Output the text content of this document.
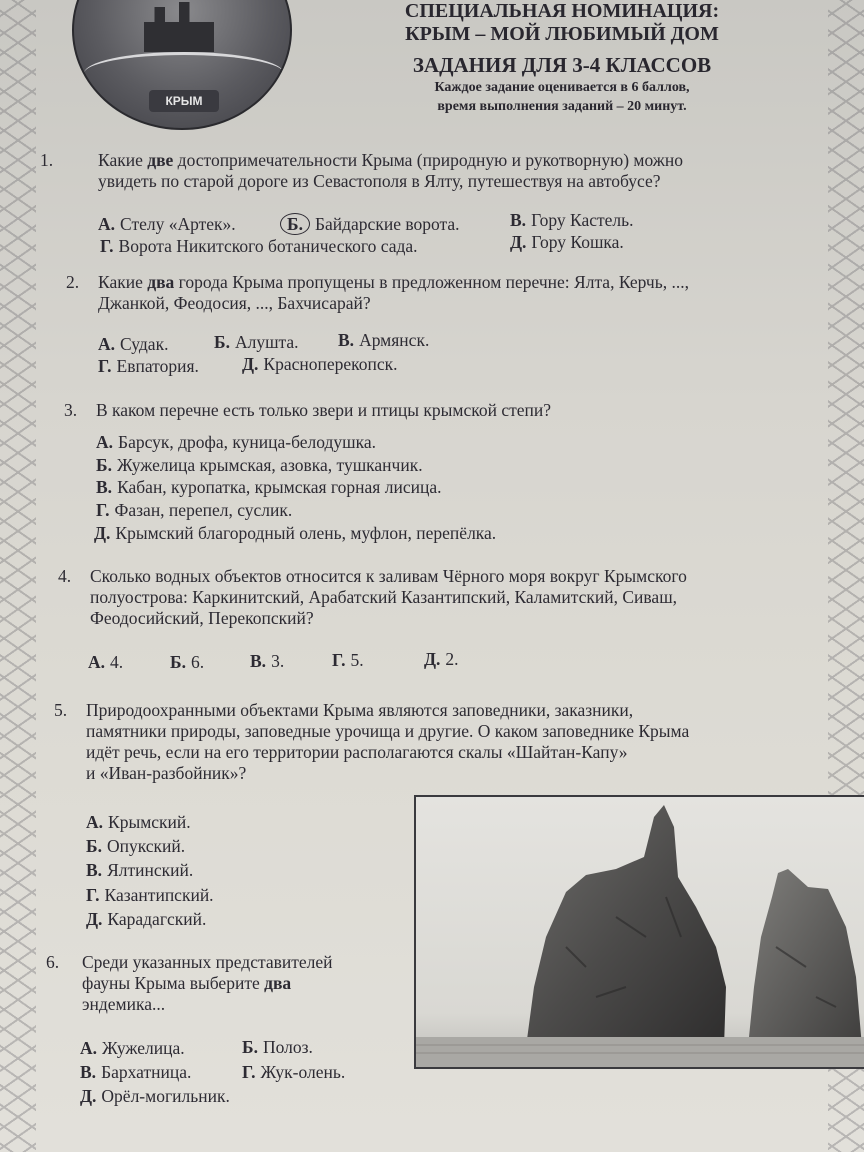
КРЫМ
СПЕЦИАЛЬНАЯ НОМИНАЦИЯ:
КРЫМ – МОЙ ЛЮБИМЫЙ ДОМ
ЗАДАНИЯ ДЛЯ 3-4 КЛАССОВ
Каждое задание оценивается в 6 баллов,
время выполнения заданий – 20 минут.
1.	Какие две достопримечательности Крыма (природную и рукотворную) можно
увидеть по старой дороге из Севастополя в Ялту, путешествуя на автобусе?
А. Стелу «Артек».	Б. Байдарские ворота.	В. Гору Кастель.
Г. Ворота Никитского ботанического сада.	Д. Гору Кошка.
2. Какие два города Крыма пропущены в предложенном перечне: Ялта, Керчь, ...,
Джанкой, Феодосия, ..., Бахчисарай?
А. Судак.	Б. Алушта. В. Армянск.
Г. Евпатория. Д. Красноперекопск.
3. В каком перечне есть только звери и птицы крымской степи?
А. Барсук, дрофа, куница-белодушка.
Б. Жужелица крымская, азовка, тушканчик.
В. Кабан, куропатка, крымская горная лисица.
Г. Фазан, перепел, суслик.
Д. Крымский благородный олень, муфлон, перепёлка.
4. Сколько водных объектов относится к заливам Чёрного моря вокруг Крымского
полуострова: Каркинитский, Арабатский Казантипский, Каламитский, Сиваш,
Феодосийский, Перекопский?
А. 4.	Б. 6.	В. 3.	Г. 5.	Д. 2.
5. Природоохранными объектами Крыма являются заповедники, заказники,
памятники природы, заповедные урочища и другие. О каком заповеднике Крыма
идёт речь, если на его территории располагаются скалы «Шайтан-Капу»
и «Иван-разбойник»?
А. Крымский.
Б. Опукский.
В. Ялтинский.
Г. Казантипский.
Д. Карадагский.
6. Среди указанных представителей
фауны Крыма выберите два
эндемика...
А. Жужелица.	Б. Полоз.
В. Бархатница.	Г. Жук-олень.
Д. Орёл-могильник.
